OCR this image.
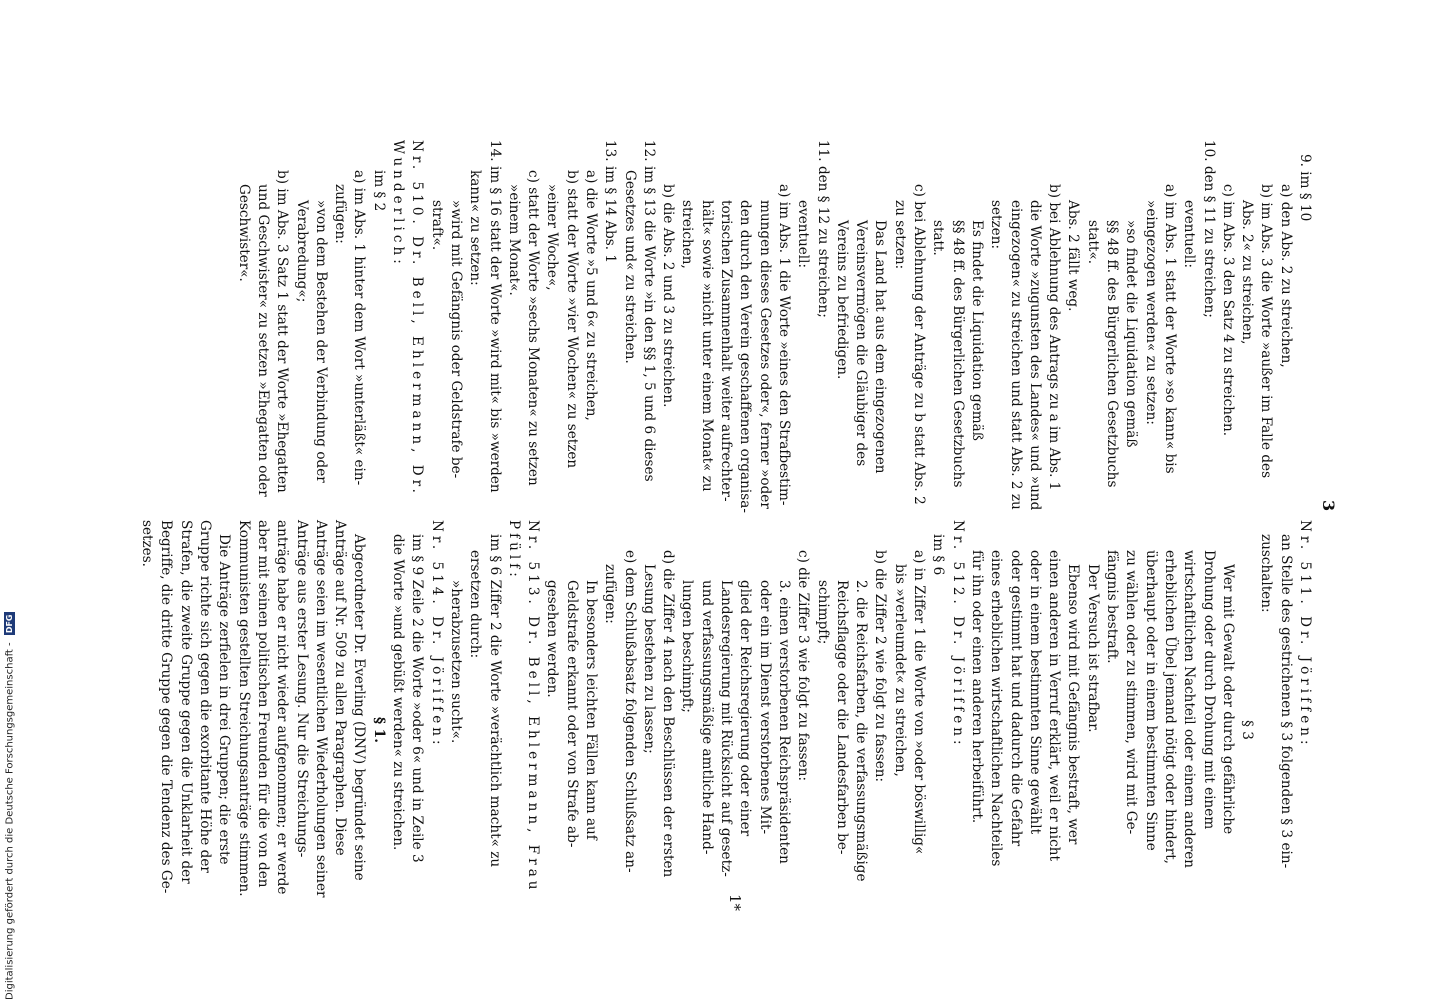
3
9. im § 10
a) den Abs. 2 zu streichen,
b) im Abs. 3 die Worte »außer im Falle des
Abs. 2« zu streichen,
c) im Abs. 3 den Satz 4 zu streichen.
10. den § 11 zu streichen;
eventuell:
a) im Abs. 1 statt der Worte »so kann« bis
»eingezogen werden« zu setzen:
»so findet die Liquidation gemäß
§§ 48 ff. des Bürgerlichen Gesetzbuchs
statt«.
Abs. 2 fällt weg.
b) bei Ablehnung des Antrags zu a im Abs. 1
die Worte »zugunsten des Landes« und »und
eingezogen« zu streichen und statt Abs. 2 zu
setzen:
Es findet die Liquidation gemäß
§§ 48 ff. des Bürgerlichen Gesetzbuchs
statt.
c) bei Ablehnung der Anträge zu b statt Abs. 2
zu setzen:
Das Land hat aus dem eingezogenen
Vereinsvermögen die Gläubiger des
Vereins zu befriedigen.
11. den § 12 zu streichen;
eventuell:
a) im Abs. 1 die Worte »eines den Strafbestim-
mungen dieses Gesetzes oder«, ferner »oder
den durch den Verein geschaffenen organisa-
torischen Zusammenhalt weiter aufrechter-
hält« sowie »nicht unter einem Monat« zu
streichen,
b) die Abs. 2 und 3 zu streichen.
12. im § 13 die Worte »in den §§ 1, 5 und 6 dieses
Gesetzes und« zu streichen.
13. im § 14 Abs. 1
a) die Worte »5 und 6« zu streichen,
b) statt der Worte »vier Wochen« zu setzen
»einer Woche«,
c) statt der Worte »sechs Monaten« zu setzen
»einem Monat«.
14. im § 16 statt der Worte »wird mit« bis »werden
kann« zu setzen:
»wird mit Gefängnis oder Geldstrafe be-
straft«.
Nr. 510. Dr. Bell, Ehlermann, Dr.
Wunderlich:
im § 2
a) im Abs. 1 hinter dem Wort »unterläßt« ein-
zufügen:
»von dem Bestehen der Verbindung oder
Verabredung«;
b) im Abs. 3 Satz 1 statt der Worte »Ehegatten
und Geschwister« zu setzen »Ehegatten oder
Geschwister«.
Nr. 511. Dr. Jöriffen:
an Stelle des gestrichenen § 3 folgenden § 3 ein-
zuschalten:
§ 3
Wer mit Gewalt oder durch gefährliche
Drohung oder durch Drohung mit einem
wirtschaftlichen Nachteil oder einem anderen
erheblichen Übel jemand nötigt oder hindert,
überhaupt oder in einem bestimmten Sinne
zu wählen oder zu stimmen, wird mit Ge-
fängnis bestraft.
Der Versuch ist strafbar.
Ebenso wird mit Gefängnis bestraft, wer
einen anderen in Verruf erklärt, weil er nicht
oder in einem bestimmten Sinne gewählt
oder gestimmt hat und dadurch die Gefahr
eines erheblichen wirtschaftlichen Nachteiles
für ihn oder einen anderen herbeiführt.
Nr. 512. Dr. Jöriffen:
im § 6
a) in Ziffer 1 die Worte von »oder böswillig«
bis »verleumdet« zu streichen,
b) die Ziffer 2 wie folgt zu fassen:
2. die Reichsfarben, die verfassungsmäßige
Reichsflagge oder die Landesfarben be-
schimpft;
c) die Ziffer 3 wie folgt zu fassen:
3. einen verstorbenen Reichspräsidenten
oder ein im Dienst verstorbenes Mit-
glied der Reichsregierung oder einer
Landesregierung mit Rücksicht auf gesetz-
und verfassungsmäßige amtliche Hand-
lungen beschimpft;
d) die Ziffer 4 nach den Beschlüssen der ersten
Lesung bestehen zu lassen;
e) dem Schlußabsatz folgenden Schlußsatz an-
zufügen:
In besonders leichten Fällen kann auf
Geldstrafe erkannt oder von Strafe ab-
gesehen werden.
Nr. 513. Dr. Bell, Ehlermann, Frau
Pfülf:
im § 6 Ziffer 2 die Worte »verächtlich macht« zu
ersetzen durch:
»herabzusetzen sucht«.
Nr. 514. Dr. Jöriffen:
im § 9 Zeile 2 die Worte »oder 6« und in Zeile 3
die Worte »und gebüßt werden« zu streichen.
§ 1.
Abgeordneter Dr. Everling (DNV) begründet seine
Anträge auf Nr. 509 zu allen Paragraphen. Diese
Anträge seien im wesentlichen Wiederholungen seiner
Anträge aus erster Lesung. Nur die Streichungs-
anträge habe er nicht wieder aufgenommen; er werde
aber mit seinen politischen Freunden für die von den
Kommunisten gestellten Streichungsanträge stimmen.
Die Anträge zerfielen in drei Gruppen; die erste
Gruppe richte sich gegen die exorbitante Höhe der
Strafen, die zweite Gruppe gegen die Unklarheit der
Begriffe, die dritte Gruppe gegen die Tendenz des Ge-
setzes.
1*
Digitalisierung gefördert durch die Deutsche Forschungsgemeinschaft - DFG
